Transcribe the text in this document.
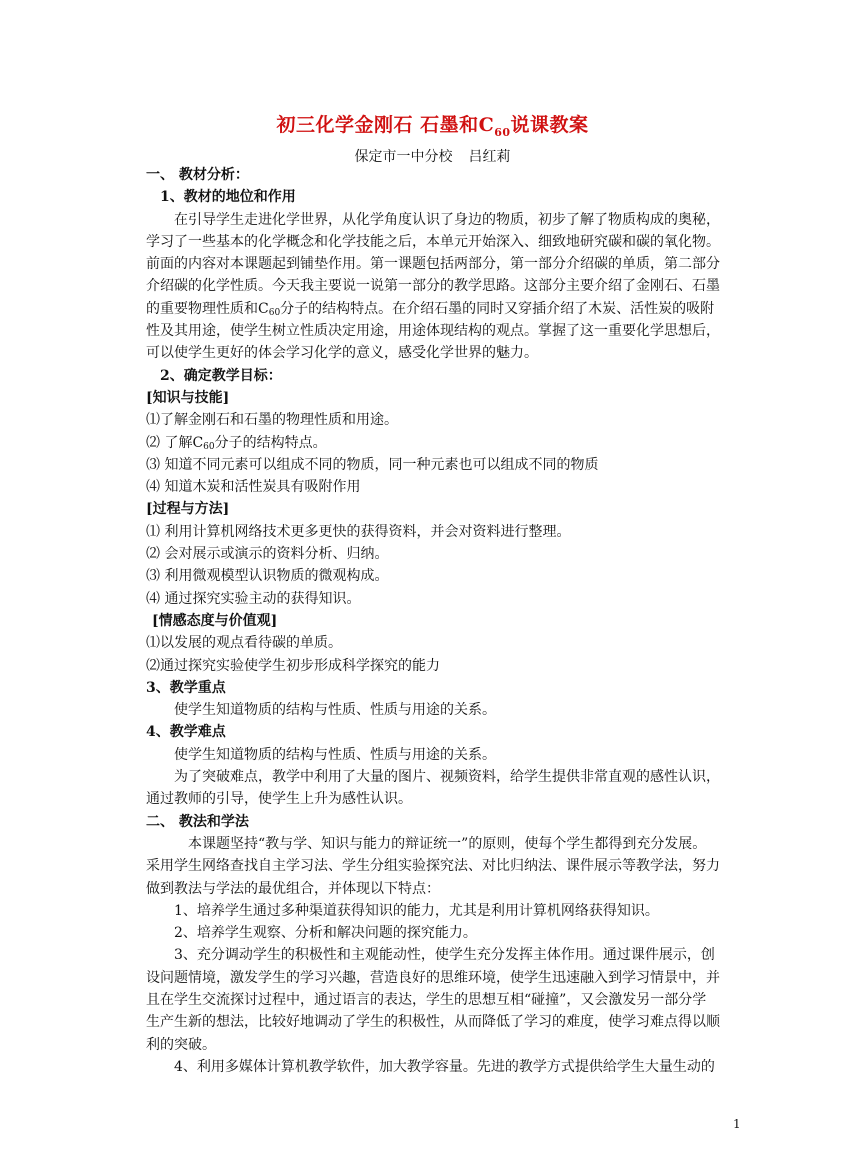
初三化学金刚石 石墨和$C_{60}$说课教案
保定市一中分校 吕红莉
一、 教材分析：
1、教材的地位和作用
在引导学生走进化学世界，从化学角度认识了身边的物质，初步了解了物质构成的奥秘，
学习了一些基本的化学概念和化学技能之后，本单元开始深入、细致地研究碳和碳的氧化物。
前面的内容对本课题起到铺垫作用。第一课题包括两部分，第一部分介绍碳的单质，第二部分
介绍碳的化学性质。今天我主要说一说第一部分的教学思路。这部分主要介绍了金刚石、石墨
的重要物理性质和$C_{60}$分子的结构特点。在介绍石墨的同时又穿插介绍了木炭、活性炭的吸附
性及其用途，使学生树立性质决定用途，用途体现结构的观点。掌握了这一重要化学思想后，
可以使学生更好的体会学习化学的意义，感受化学世界的魅力。
2、确定教学目标：
[知识与技能]
⑴了解金刚石和石墨的物理性质和用途。
⑵ 了解$C_{60}$分子的结构特点。
⑶ 知道不同元素可以组成不同的物质，同一种元素也可以组成不同的物质
⑷ 知道木炭和活性炭具有吸附作用
[过程与方法]
⑴ 利用计算机网络技术更多更快的获得资料，并会对资料进行整理。
⑵ 会对展示或演示的资料分析、归纳。
⑶ 利用微观模型认识物质的微观构成。
⑷ 通过探究实验主动的获得知识。
[情感态度与价值观]
⑴以发展的观点看待碳的单质。
⑵通过探究实验使学生初步形成科学探究的能力
3、教学重点
使学生知道物质的结构与性质、性质与用途的关系。
4、教学难点
使学生知道物质的结构与性质、性质与用途的关系。
为了突破难点，教学中利用了大量的图片、视频资料，给学生提供非常直观的感性认识，
通过教师的引导，使学生上升为感性认识。
二、 教法和学法
本课题坚持“教与学、知识与能力的辩证统一”的原则，使每个学生都得到充分发展。
采用学生网络查找自主学习法、学生分组实验探究法、对比归纳法、课件展示等教学法，努力
做到教法与学法的最优组合，并体现以下特点：
1、培养学生通过多种渠道获得知识的能力，尤其是利用计算机网络获得知识。
2、培养学生观察、分析和解决问题的探究能力。
3、充分调动学生的积极性和主观能动性，使学生充分发挥主体作用。通过课件展示，创
设问题情境，激发学生的学习兴趣，营造良好的思维环境，使学生迅速融入到学习情景中，并
且在学生交流探讨过程中，通过语言的表达，学生的思想互相“碰撞”，又会激发另一部分学
生产生新的想法，比较好地调动了学生的积极性，从而降低了学习的难度，使学习难点得以顺
利的突破。
4、利用多媒体计算机教学软件，加大教学容量。先进的教学方式提供给学生大量生动的
1
